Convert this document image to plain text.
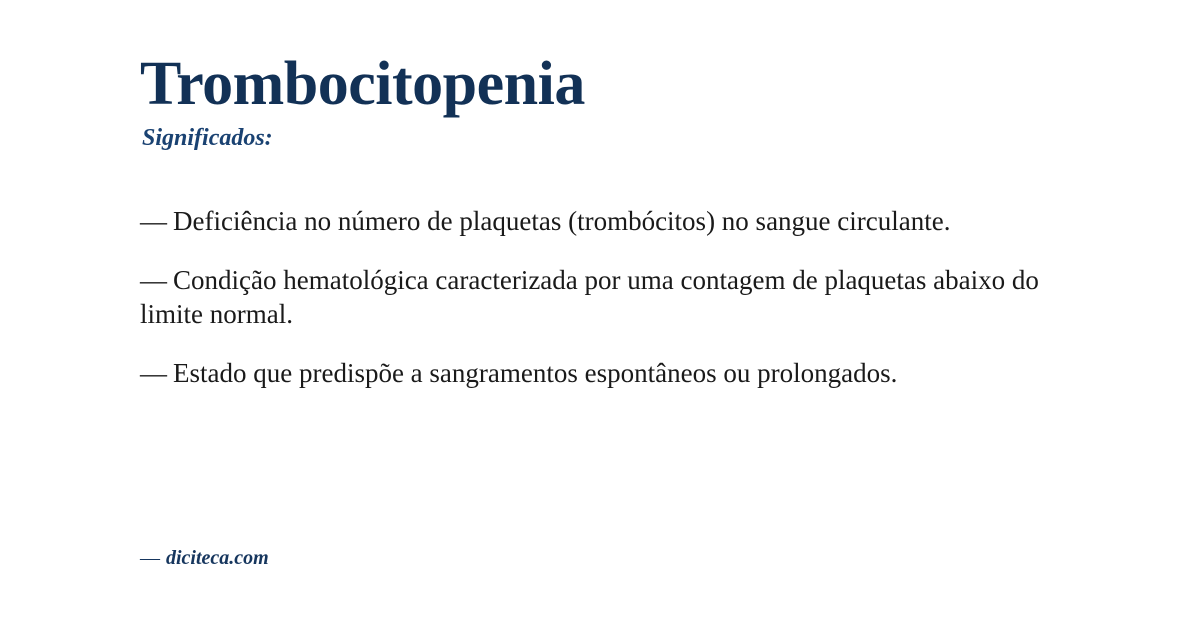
Trombocitopenia
Significados:

— Deficiência no número de plaquetas (trombócitos) no sangue circulante.

— Condição hematológica caracterizada por uma contagem de plaquetas abaixo do limite normal.

— Estado que predispõe a sangramentos espontâneos ou prolongados.

— diciteca.com
